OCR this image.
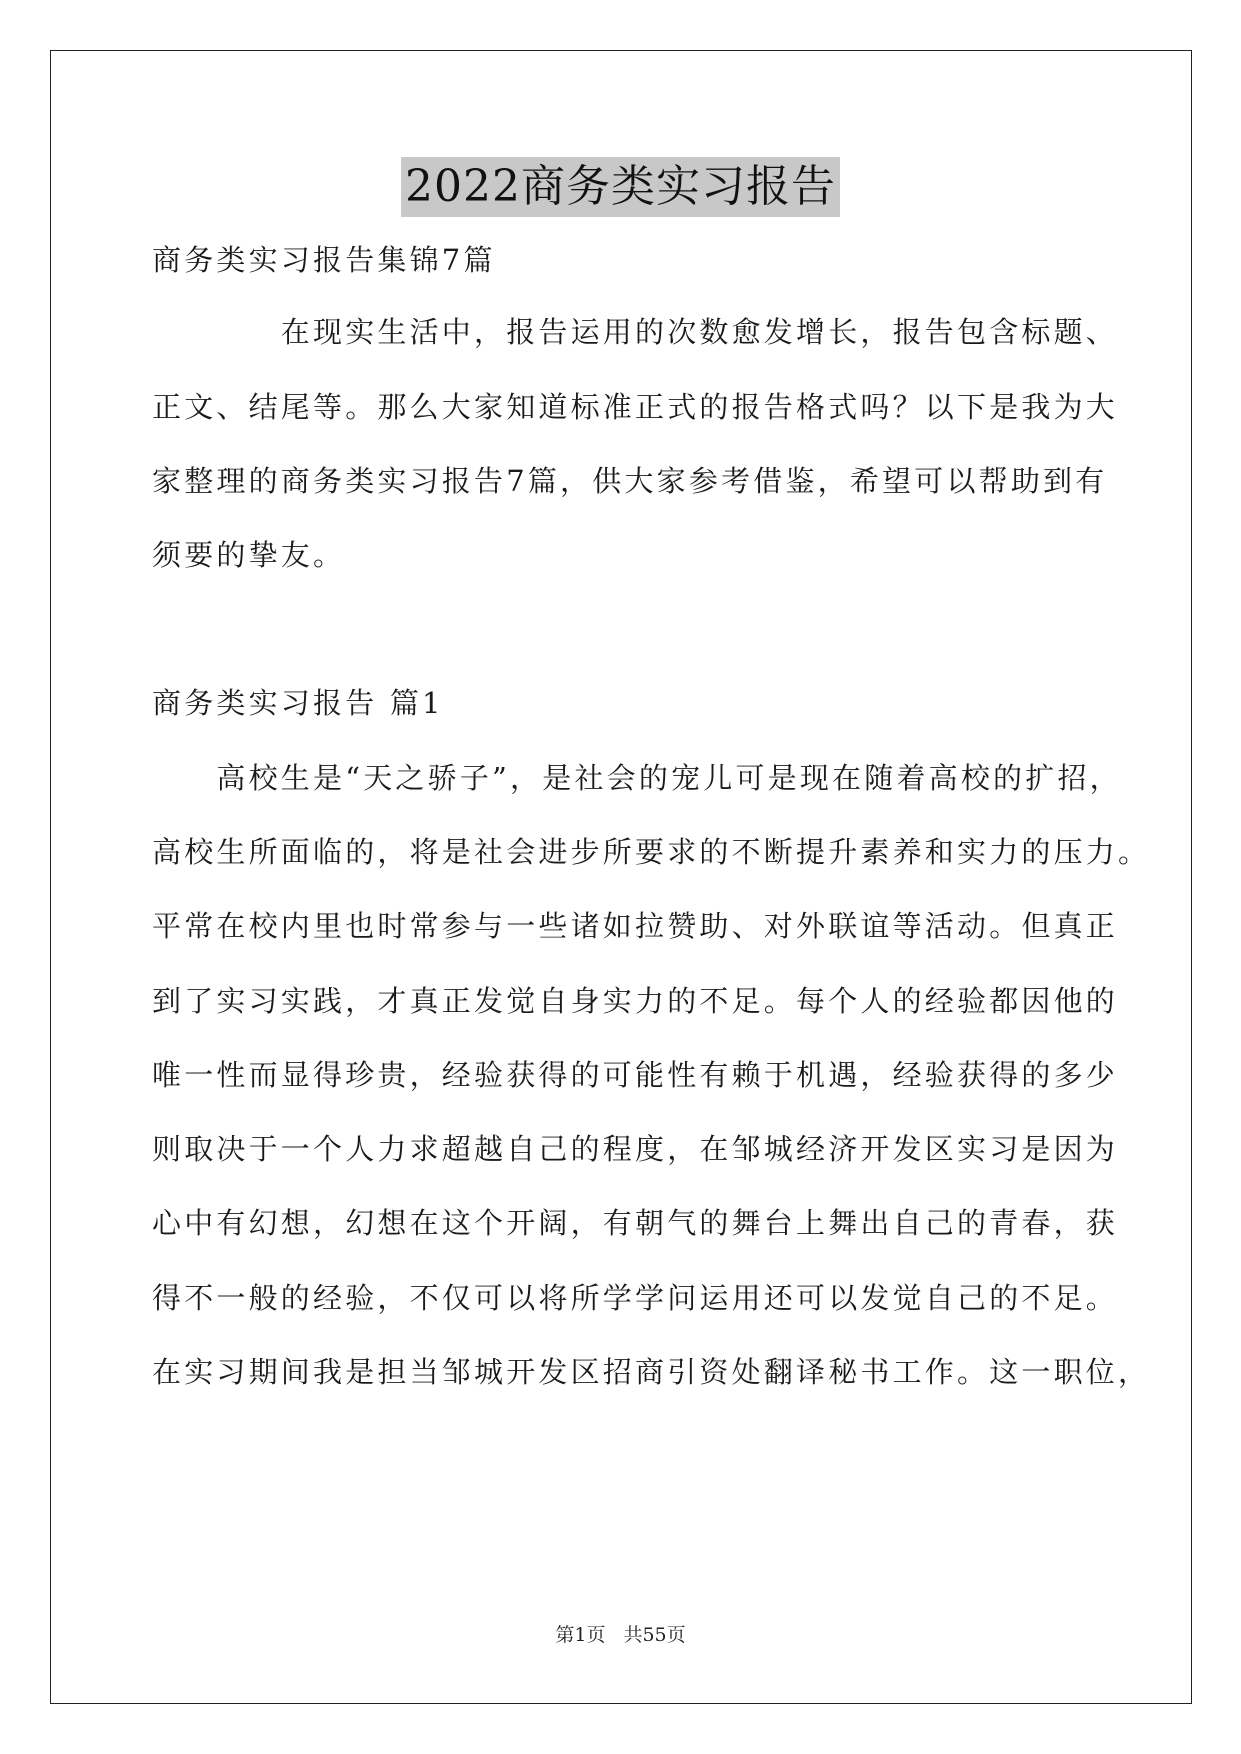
2022商务类实习报告
商务类实习报告集锦7篇
　　　　在现实生活中，报告运用的次数愈发增长，报告包含标题、
正文、结尾等。那么大家知道标准正式的报告格式吗？以下是我为大
家整理的商务类实习报告7篇，供大家参考借鉴，希望可以帮助到有
须要的挚友。
商务类实习报告 篇1
　　高校生是“天之骄子”，是社会的宠儿可是现在随着高校的扩招，
高校生所面临的，将是社会进步所要求的不断提升素养和实力的压力。
平常在校内里也时常参与一些诸如拉赞助、对外联谊等活动。但真正
到了实习实践，才真正发觉自身实力的不足。每个人的经验都因他的
唯一性而显得珍贵，经验获得的可能性有赖于机遇，经验获得的多少
则取决于一个人力求超越自己的程度，在邹城经济开发区实习是因为
心中有幻想，幻想在这个开阔，有朝气的舞台上舞出自己的青春，获
得不一般的经验，不仅可以将所学学问运用还可以发觉自己的不足。
在实习期间我是担当邹城开发区招商引资处翻译秘书工作。这一职位，
第1页 共55页
